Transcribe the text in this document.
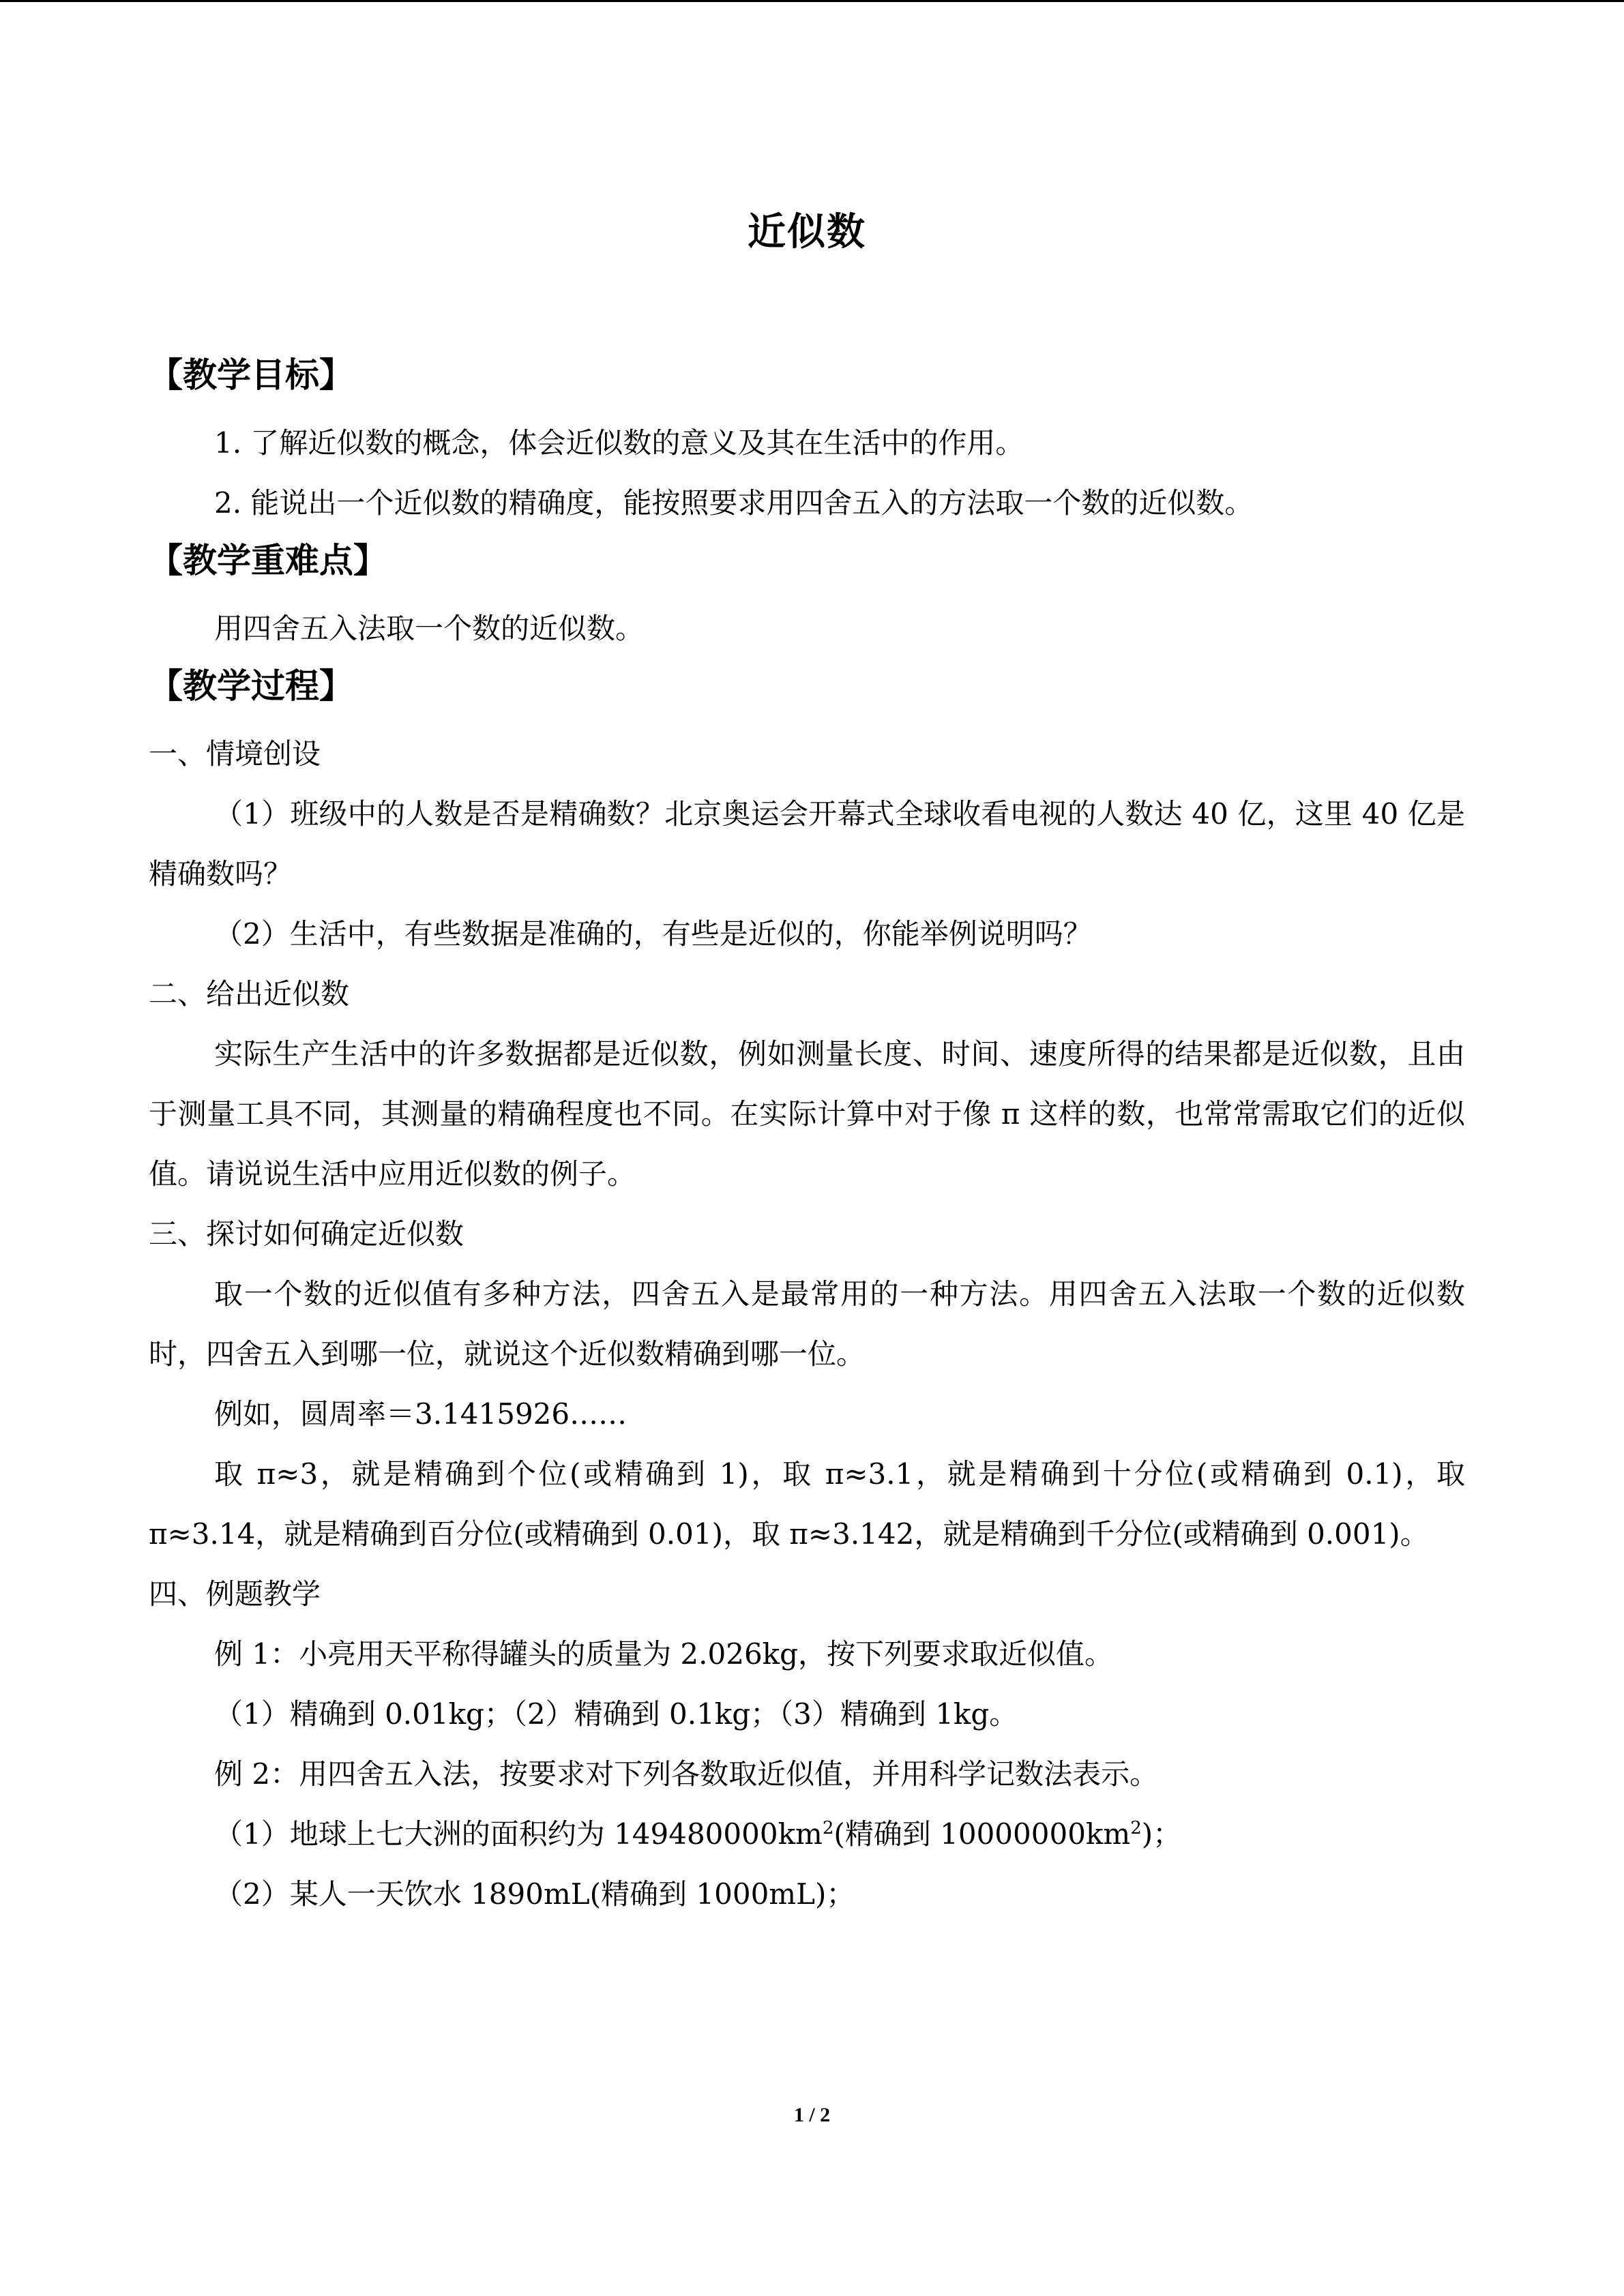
近似数
【教学目标】

1. 了解近似数的概念，体会近似数的意义及其在生活中的作用。

2. 能说出一个近似数的精确度，能按照要求用四舍五入的方法取一个数的近似数。

【教学重难点】

用四舍五入法取一个数的近似数。

【教学过程】

一、情境创设

（1）班级中的人数是否是精确数？北京奥运会开幕式全球收看电视的人数达 40 亿，这里 40 亿是精确数吗？

（2）生活中，有些数据是准确的，有些是近似的，你能举例说明吗？

二、给出近似数

实际生产生活中的许多数据都是近似数，例如测量长度、时间、速度所得的结果都是近似数，且由于测量工具不同，其测量的精确程度也不同。在实际计算中对于像 π 这样的数，也常常需取它们的近似值。请说说生活中应用近似数的例子。

三、探讨如何确定近似数

取一个数的近似值有多种方法，四舍五入是最常用的一种方法。用四舍五入法取一个数的近似数时，四舍五入到哪一位，就说这个近似数精确到哪一位。

例如，圆周率＝3.1415926……

取 π≈3，就是精确到个位(或精确到 1)，取 π≈3.1，就是精确到十分位(或精确到 0.1)，取 π≈3.14，就是精确到百分位(或精确到 0.01)，取 π≈3.142，就是精确到千分位(或精确到 0.001)。

四、例题教学

例 1：小亮用天平称得罐头的质量为 2.026kg，按下列要求取近似值。

（1）精确到 0.01kg；（2）精确到 0.1kg；（3）精确到 1kg。

例 2：用四舍五入法，按要求对下列各数取近似值，并用科学记数法表示。

（1）地球上七大洲的面积约为 $149480000km^2$(精确到 $10000000km^2$)；

（2）某人一天饮水 1890mL(精确到 1000mL)；

1 / 2
